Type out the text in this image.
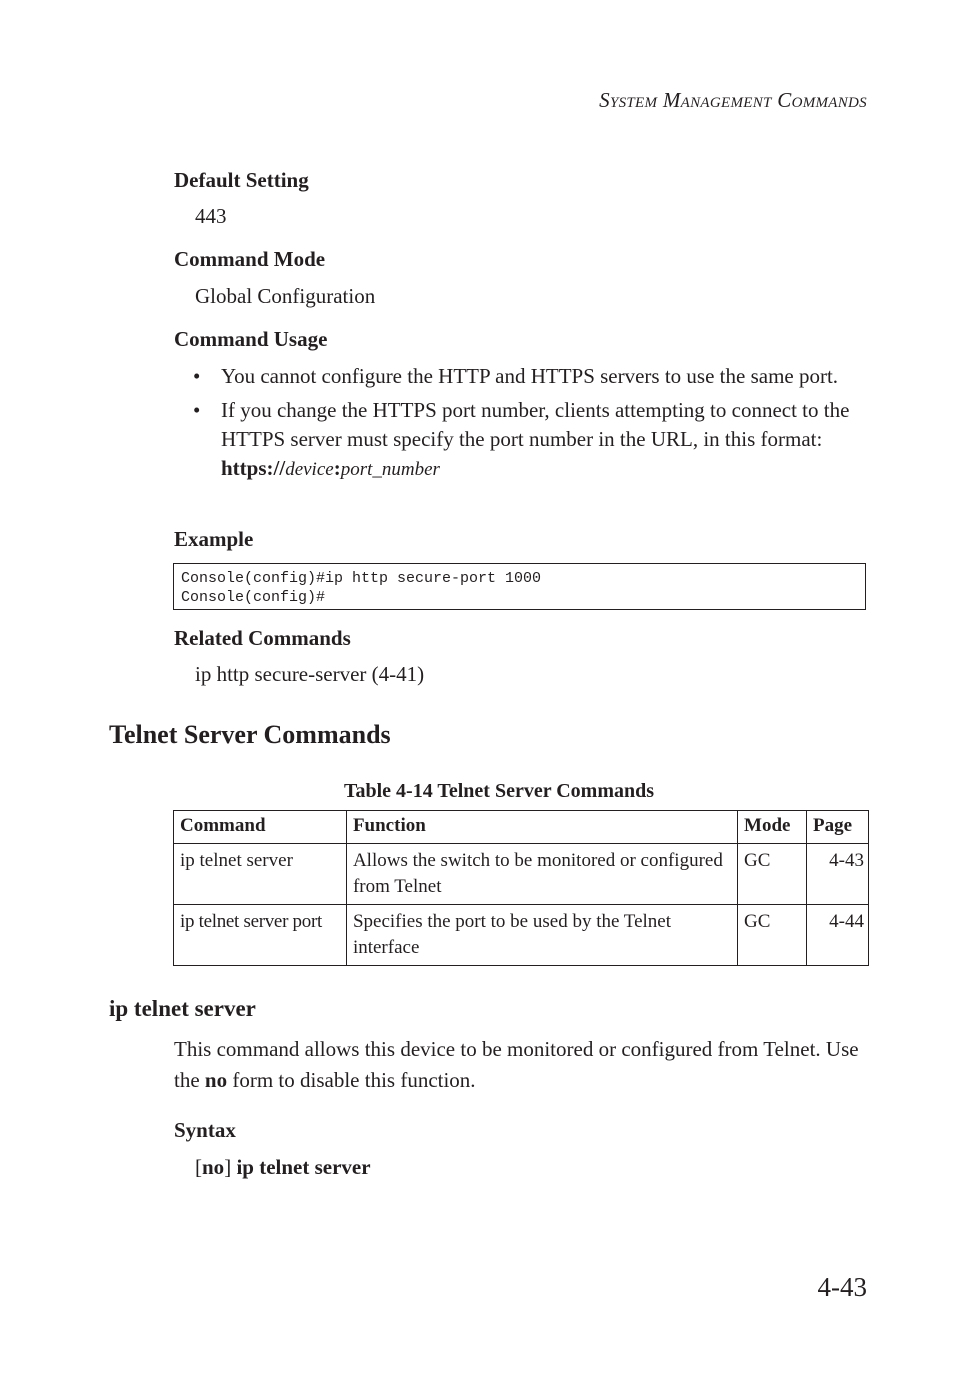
SYSTEM MANAGEMENT COMMANDS
Default Setting
443
Command Mode
Global Configuration
Command Usage

• You cannot configure the HTTP and HTTPS servers to use the same port.

• If you change the HTTPS port number, clients attempting to connect to the HTTPS server must specify the port number in the URL, in this format: https://device:port_number

Example
Console(config)#ip http secure-port 1000
Console(config)#
Related Commands
ip http secure-server (4-41)
Telnet Server Commands
Table 4-14 Telnet Server Commands
Command	Function	Mode	Page
ip telnet server	Allows the switch to be monitored or configured from Telnet	GC	4-43
ip telnet server port	Specifies the port to be used by the Telnet interface	GC	4-44
ip telnet server
This command allows this device to be monitored or configured from Telnet. Use the no form to disable this function.
Syntax
[no] ip telnet server
4-43
